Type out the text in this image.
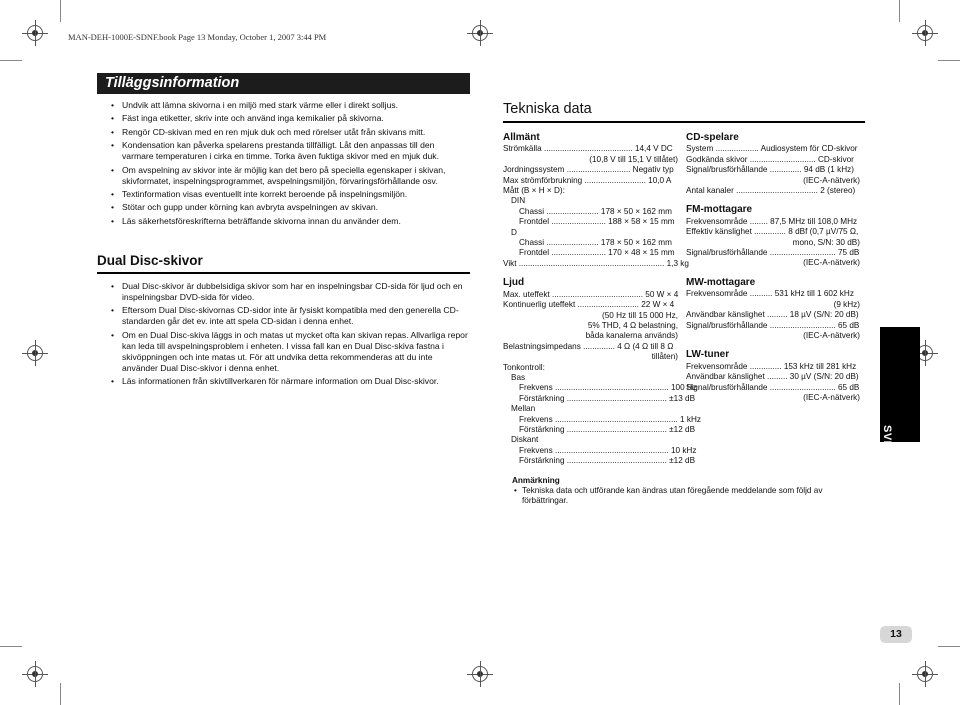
MAN-DEH-1000E-SDNF.book Page 13 Monday, October 1, 2007 3:44 PM
Tilläggsinformation
• Undvik att lämna skivorna i en miljö med stark värme eller i direkt solljus.
• Fäst inga etiketter, skriv inte och använd inga kemikalier på skivorna.
• Rengör CD-skivan med en ren mjuk duk och med rörelser utåt från skivans mitt.
• Kondensation kan påverka spelarens prestanda tillfälligt. Låt den anpassas till den varmare temperaturen i cirka en timme. Torka även fuktiga skivor med en mjuk duk.
• Om avspelning av skivor inte är möjlig kan det bero på speciella egenskaper i skivan, skivformatet, inspelningsprogrammet, avspelningsmiljön, förvaringsförhållande osv.
• Textinformation visas eventuellt inte korrekt beroende på inspelningsmiljön.
• Stötar och gupp under körning kan avbryta avspelningen av skivan.
• Läs säkerhetsföreskrifterna beträffande skivorna innan du använder dem.
Dual Disc-skivor
• Dual Disc-skivor är dubbelsidiga skivor som har en inspelningsbar CD-sida för ljud och en inspelningsbar DVD-sida för video.
• Eftersom Dual Disc-skivornas CD-sidor inte är fysiskt kompatibla med den generella CD-standarden går det ev. inte att spela CD-sidan i denna enhet.
• Om en Dual Disc-skiva läggs in och matas ut mycket ofta kan skivan repas. Allvarliga repor kan leda till avspelningsproblem i enheten. I vissa fall kan en Dual Disc-skiva fastna i skivöppningen och inte matas ut. För att undvika detta rekommenderas att du inte använder Dual Disc-skivor i denna enhet.
• Läs informationen från skivtillverkaren för närmare information om Dual Disc-skivor.
Tekniska data
Allmänt
Strömkälla ....................................... 14,4 V DC
(10,8 V till 15,1 V tillåtet)
Jordningssystem ............................ Negativ typ
Max strömförbrukning ........................... 10,0 A
Mått (B × H × D):
DIN
Chassi ....................... 178 × 50 × 162 mm
Frontdel ........................ 188 × 58 × 15 mm
D
Chassi ....................... 178 × 50 × 162 mm
Frontdel ........................ 170 × 48 × 15 mm
Vikt ................................................................ 1,3 kg
Ljud
Max. uteffekt ........................................ 50 W × 4
Kontinuerlig uteffekt ........................... 22 W × 4
(50 Hz till 15 000 Hz,
5% THD, 4 Ω belastning,
båda kanalerna används)
Belastningsimpedans .............. 4 Ω (4 Ω till 8 Ω
tillåten)
Tonkontroll:
Bas
Frekvens .................................................. 100 Hz
Förstärkning ............................................ ±13 dB
Mellan
Frekvens ...................................................... 1 kHz
Förstärkning ............................................ ±12 dB
Diskant
Frekvens .................................................. 10 kHz
Förstärkning ............................................ ±12 dB
CD-spelare
System ................... Audiosystem för CD-skivor
Godkända skivor ............................. CD-skivor
Signal/brusförhållande .............. 94 dB (1 kHz)
(IEC-A-nätverk)
Antal kanaler .................................... 2 (stereo)
FM-mottagare
Frekvensområde ........ 87,5 MHz till 108,0 MHz
Effektiv känslighet .............. 8 dBf (0,7 µV/75 Ω,
mono, S/N: 30 dB)
Signal/brusförhållande ............................. 75 dB
(IEC-A-nätverk)
MW-mottagare
Frekvensområde .......... 531 kHz till 1 602 kHz
(9 kHz)
Användbar känslighet ......... 18 µV (S/N: 20 dB)
Signal/brusförhållande ............................. 65 dB
(IEC-A-nätverk)
LW-tuner
Frekvensområde .............. 153 kHz till 281 kHz
Användbar känslighet ......... 30 µV (S/N: 20 dB)
Signal/brusförhållande ............................. 65 dB
(IEC-A-nätverk)
Anmärkning
• Tekniska data och utförande kan ändras utan föregående meddelande som följd av förbättringar.
SVENSKA
13
